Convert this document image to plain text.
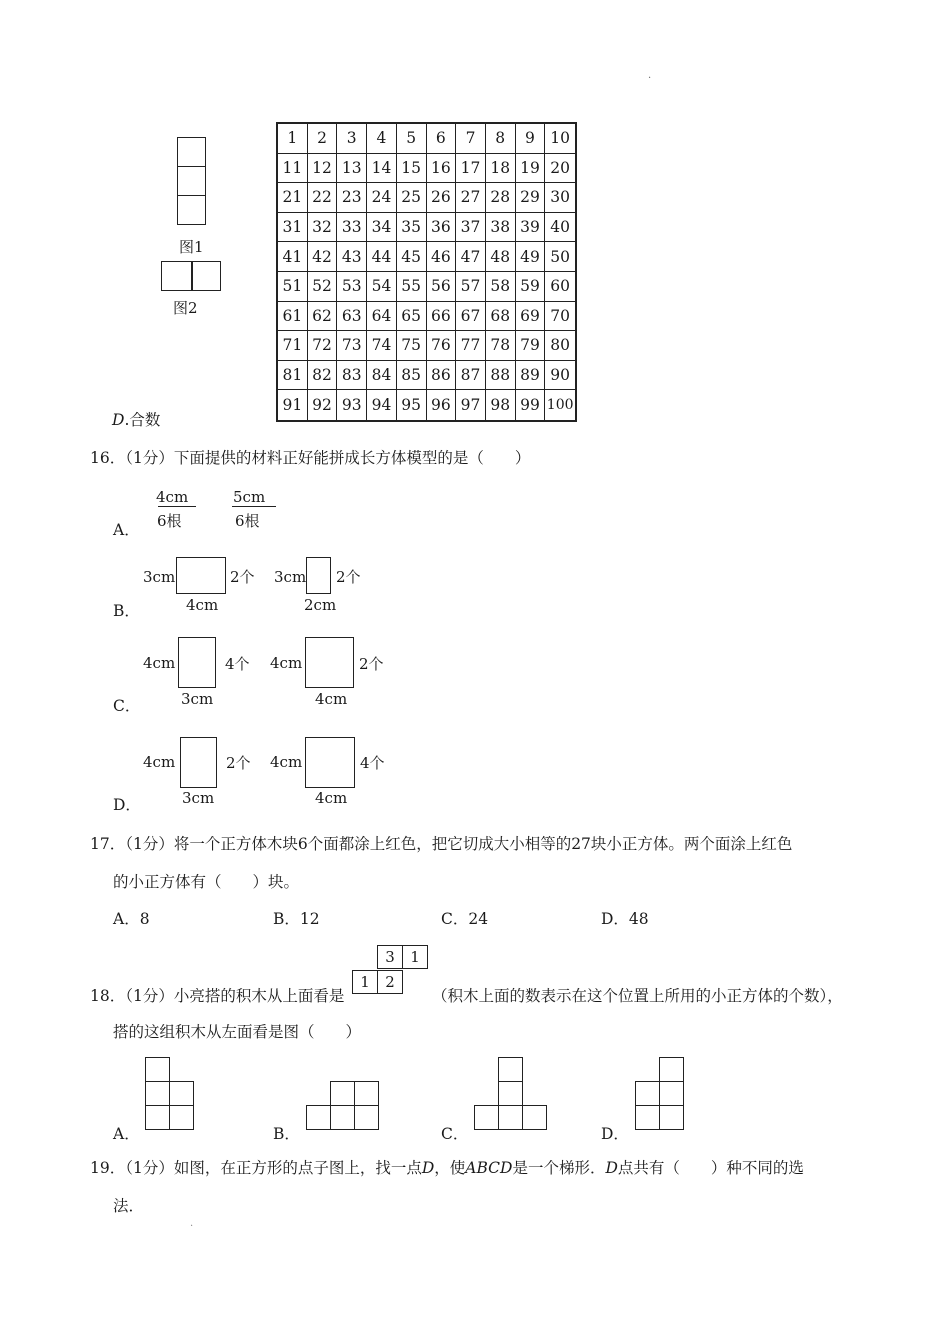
.
图1
图2
1	2	3	4	5	6	7	8	9 10
11 12 13 14 15 16 17 18 19 20
21 22 23 24 25 26 27 28 29 30
31 32 33 34 35 36 37 38 39 40
41 42 43 44 45 46 47 48 49 50
51 52 53 54 55 56 57 58 59 60
61 62 63 64 65 66 67 68 69 70
71 72 73 74 75 76 77 78 79 80
81 82 83 84 85 86 87 88 89 90
91 92 93 94 95 96 97 98 99 100
D.合数
16．（1分）下面提供的材料正好能拼成长方体模型的是（　　）
A．
4cm
6根
5cm
6根
B．
3cm	2个
4cm
3cm 2个
2cm
C．
4cm	4个
3cm
4cm	2个
4cm
D．
4cm	2个
3cm
4cm	4个
4cm
17．（1分）将一个正方体木块6个面都涂上红色，把它切成大小相等的27块小正方体。两个面涂上红色
的小正方体有（　　）块。
A．8	B．12	C．24	D．48
18．（1分）小亮搭的积木从上面看是
3	1
1	2
（积木上面的数表示在这个位置上所用的小正方体的个数），
搭的这组积木从左面看是图（　　）
A．	B．	C．	D．
19．（1分）如图，在正方形的点子图上，找一点D，使ABCD是一个梯形．D点共有（　　）种不同的选
法．
.
